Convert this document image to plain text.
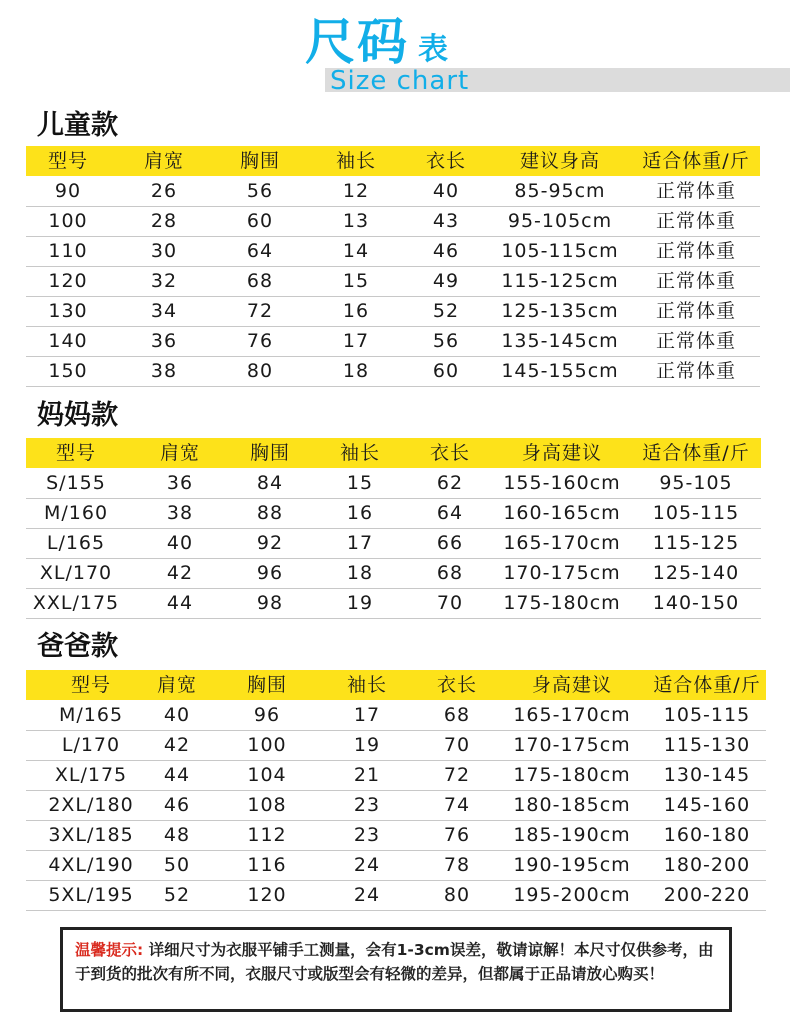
尺码 表
Size chart
儿童款
型号	肩宽	胸围	袖长	衣长	建议身高	适合体重/斤
90	26	56	12	40	85-95cm	正常体重
100	28	60	13	43	95-105cm	正常体重
110	30	64	14	46	105-115cm	正常体重
120	32	68	15	49	115-125cm	正常体重
130	34	72	16	52	125-135cm	正常体重
140	36	76	17	56	135-145cm	正常体重
150	38	80	18	60	145-155cm	正常体重
妈妈款
型号	肩宽	胸围	袖长	衣长	身高建议	适合体重/斤
S/155	36	84	15	62	155-160cm	95-105
M/160	38	88	16	64	160-165cm	105-115
L/165	40	92	17	66	165-170cm	115-125
XL/170	42	96	18	68	170-175cm	125-140
XXL/175	44	98	19	70	175-180cm	140-150
爸爸款
型号	肩宽	胸围	袖长	衣长	身高建议	适合体重/斤
M/165	40	96	17	68	165-170cm	105-115
L/170	42	100	19	70	170-175cm	115-130
XL/175	44	104	21	72	175-180cm	130-145
2XL/180	46	108	23	74	180-185cm	145-160
3XL/185	48	112	23	76	185-190cm	160-180
4XL/190	50	116	24	78	190-195cm	180-200
5XL/195	52	120	24	80	195-200cm	200-220
温馨提示: 详细尺寸为衣服平铺手工测量，会有1-3cm误差，敬请谅解！本尺寸仅供参考，由于到货的批次有所不同，衣服尺寸或版型会有轻微的差异，但都属于正品请放心购买！
